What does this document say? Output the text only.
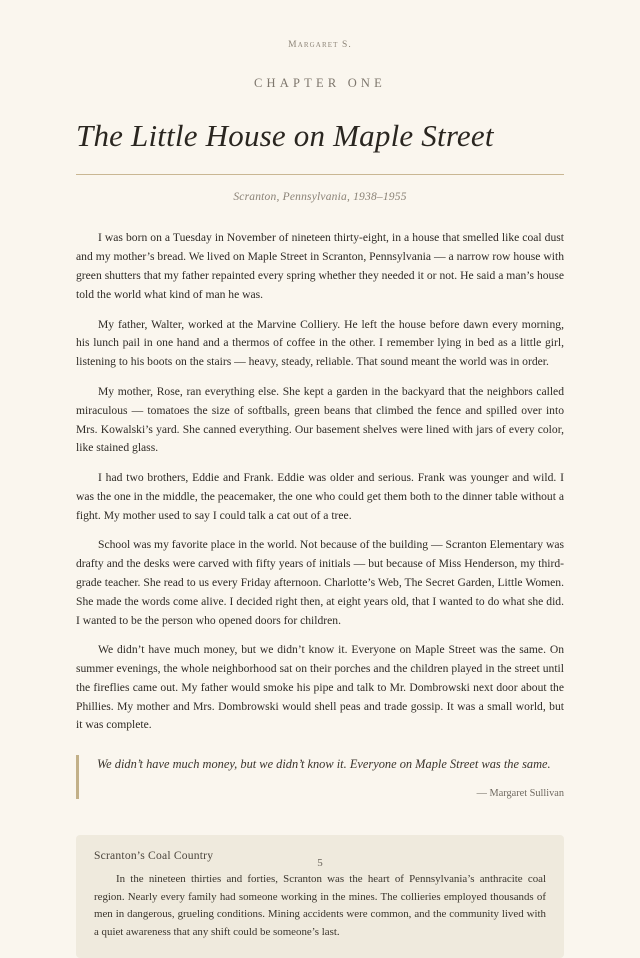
Margaret S.
CHAPTER ONE
The Little House on Maple Street
Scranton, Pennsylvania, 1938–1955

I was born on a Tuesday in November of nineteen thirty-eight, in a house that smelled like coal dust and my mother’s bread. We lived on Maple Street in Scranton, Pennsylvania — a narrow row house with green shutters that my father repainted every spring whether they needed it or not. He said a man’s house told the world what kind of man he was.

My father, Walter, worked at the Marvine Colliery. He left the house before dawn every morning, his lunch pail in one hand and a thermos of coffee in the other. I remember lying in bed as a little girl, listening to his boots on the stairs — heavy, steady, reliable. That sound meant the world was in order.

My mother, Rose, ran everything else. She kept a garden in the backyard that the neighbors called miraculous — tomatoes the size of softballs, green beans that climbed the fence and spilled over into Mrs. Kowalski’s yard. She canned everything. Our basement shelves were lined with jars of every color, like stained glass.

I had two brothers, Eddie and Frank. Eddie was older and serious. Frank was younger and wild. I was the one in the middle, the peacemaker, the one who could get them both to the dinner table without a fight. My mother used to say I could talk a cat out of a tree.

School was my favorite place in the world. Not because of the building — Scranton Elementary was drafty and the desks were carved with fifty years of initials — but because of Miss Henderson, my third-grade teacher. She read to us every Friday afternoon. Charlotte’s Web, The Secret Garden, Little Women. She made the words come alive. I decided right then, at eight years old, that I wanted to do what she did. I wanted to be the person who opened doors for children.

We didn’t have much money, but we didn’t know it. Everyone on Maple Street was the same. On summer evenings, the whole neighborhood sat on their porches and the children played in the street until the fireflies came out. My father would smoke his pipe and talk to Mr. Dombrowski next door about the Phillies. My mother and Mrs. Dombrowski would shell peas and trade gossip. It was a small world, but it was complete.

We didn’t have much money, but we didn’t know it. Everyone on Maple Street was the same.
— Margaret Sullivan
Scranton’s Coal Country

In the nineteen thirties and forties, Scranton was the heart of Pennsylvania’s anthracite coal region. Nearly every family had someone working in the mines. The collieries employed thousands of men in dangerous, grueling conditions. Mining accidents were common, and the community lived with a quiet awareness that any shift could be someone’s last.

5
